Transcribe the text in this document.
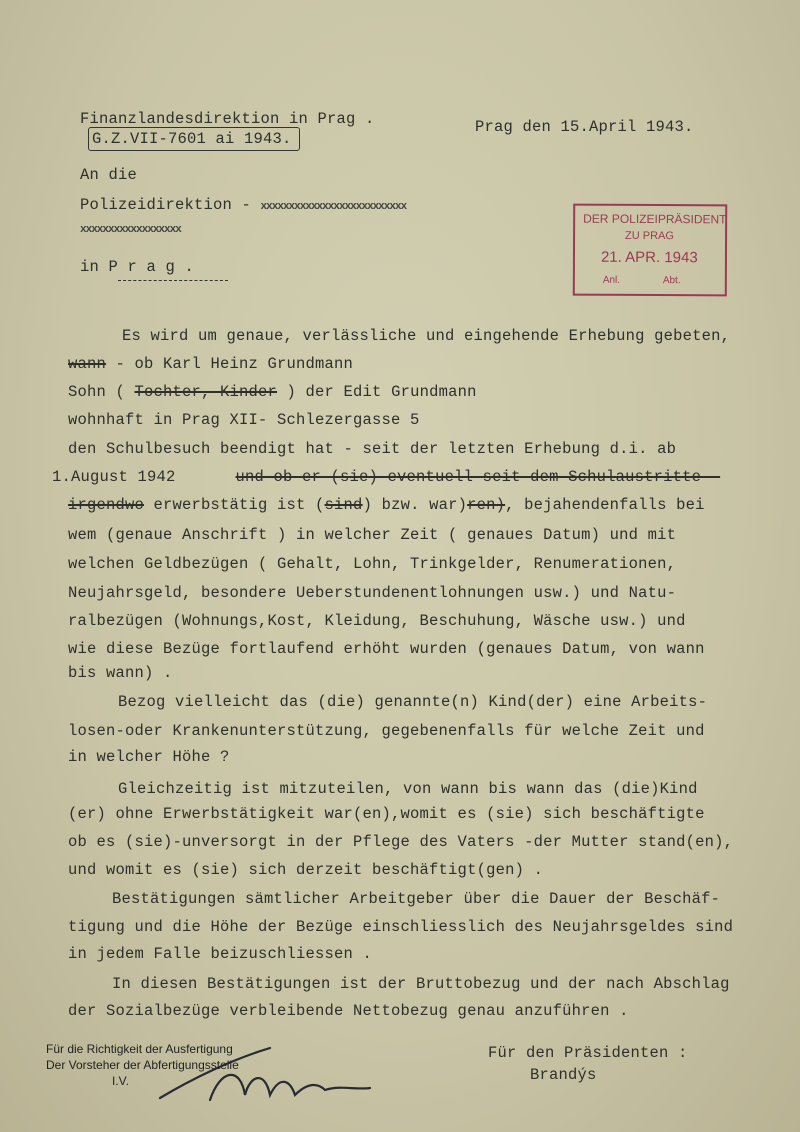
Finanzlandesdirektion in Prag .
G.Z.VII-7601 ai 1943.
Prag den 15.April 1943.
An die
Polizeidirektion - xxxxxxxxxxxxxxxxxxxxxxxxxx
xxxxxxxxxxxxxxxxxx
in P r a g .
DER POLIZEIPRÄSIDENT
ZU PRAG
21. APR. 1943
Anl.	Abt.
Es wird um genaue, verlässliche und eingehende Erhebung gebeten,
wann - ob Karl Heinz Grundmann
Sohn ( Tochter, Kinder ) der Edit Grundmann
wohnhaft in Prag XII- Schlezergasse 5
den Schulbesuch beendigt hat - seit der letzten Erhebung d.i. ab
1.August 1942	und ob er (sie) eventuell seit dem Schulaustritte -
irgendwo erwerbstätig ist (sind) bzw. war)ren), bejahendenfalls bei
wem (genaue Anschrift ) in welcher Zeit ( genaues Datum) und mit
welchen Geldbezügen ( Gehalt, Lohn, Trinkgelder, Renumerationen,
Neujahrsgeld, besondere Ueberstundenentlohnungen usw.) und Natu-
ralbezügen (Wohnungs,Kost, Kleidung, Beschuhung, Wäsche usw.) und
wie diese Bezüge fortlaufend erhöht wurden (genaues Datum, von wann
bis wann) .
Bezog vielleicht das (die) genannte(n) Kind(der) eine Arbeits-
losen-oder Krankenunterstützung, gegebenenfalls für welche Zeit und
in welcher Höhe ?
Gleichzeitig ist mitzuteilen, von wann bis wann das (die)Kind
(er) ohne Erwerbstätigkeit war(en),womit es (sie) sich beschäftigte
ob es (sie)-unversorgt in der Pflege des Vaters -der Mutter stand(en),
und womit es (sie) sich derzeit beschäftigt(gen) .
Bestätigungen sämtlicher Arbeitgeber über die Dauer der Beschäf-
tigung und die Höhe der Bezüge einschliesslich des Neujahrsgeldes sind
in jedem Falle beizuschliessen .
In diesen Bestätigungen ist der Bruttobezug und der nach Abschlag
der Sozialbezüge verbleibende Nettobezug genau anzuführen .
Für die Richtigkeit der Ausfertigung
Der Vorsteher der Abfertigungsstelle
I.V.
Für den Präsidenten :
Brandýs
